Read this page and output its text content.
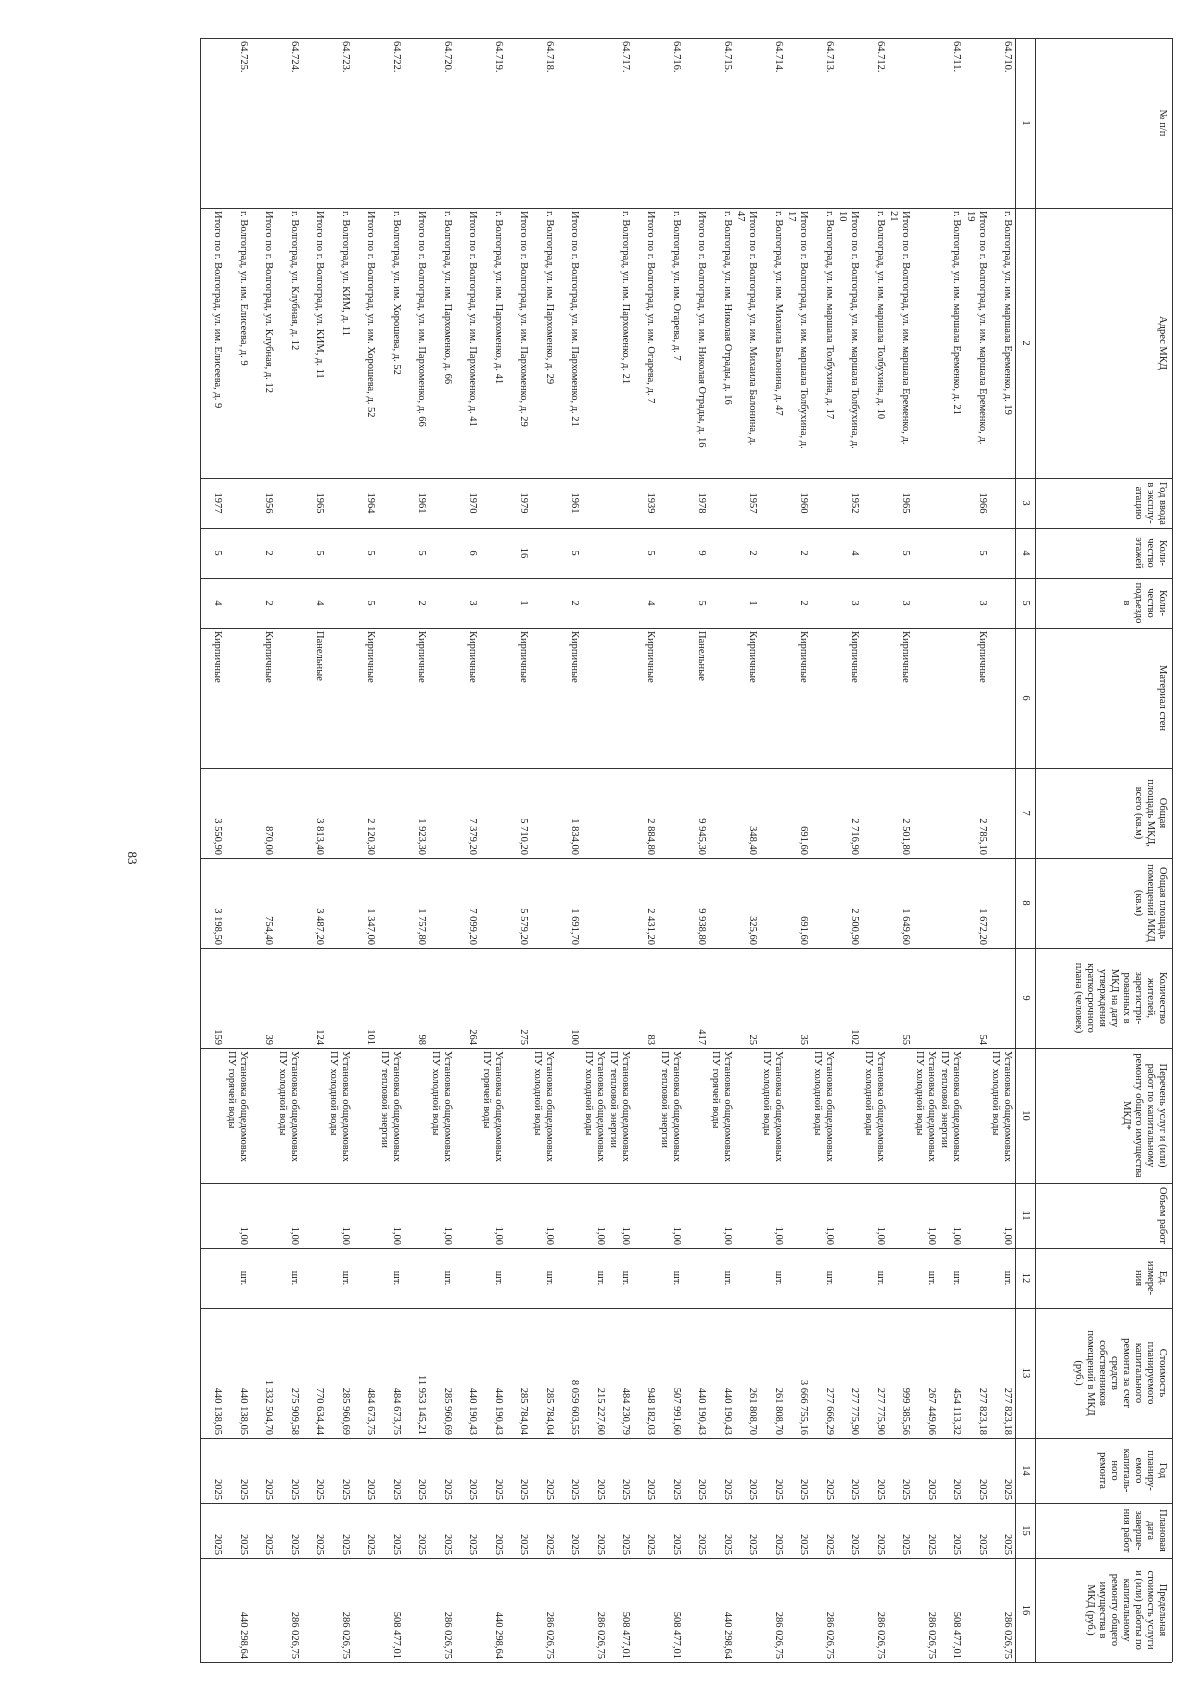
83
№ п/п
Адрес МКД
Год ввода
в эксплу-
атацию
Коли-
чество
этажей
Коли-
чество
подъездо
в
Материал стен
Общая
площадь МКД,
всего (кв.м)
Общая площадь
помещений МКД
(кв.м)
Количество
жителей,
зарегистри-
рованных в
МКД на дату
утверждения
краткосрочного
плана (человек)
Перечень услуг и (или)
работ по капитальному
ремонту общего имущества
МКД*
Объем работ
Ед.
измере-
ния
Стоимость
планируемого
капитального
ремонта за счет
средств
собственников
помещений в МКД
(руб.)
Год
планиру-
емого
капиталь-
ного
ремонта
Плановая
дата
заверше-
ния работ
Предельная
стоимость услуги
и (или) работы по
капитальному
ремонту общего
имущества в
МКД (руб.)
1
2
3
4
5
6
7
8
9
10
11
12
13
14
15
16
64.710.
г. Волгоград, ул. им. маршала Еременко, д. 19
Установка общедомовых
ПУ холодной воды
1,00
шт.
277 823,18
2025
2025
286 026,75
Итого по г. Волгоград, ул. им. маршала Еременко, д.
19
1966
5
3
Кирпичные
2 785,10
1 672,20
54
277 823,18
2025
2025
64.711.
г. Волгоград, ул. им. маршала Еременко, д. 21
Установка общедомовых
ПУ тепловой энергии
1,00
шт.
454 113,32
2025
2025
508 477,01
Установка общедомовых
ПУ холодной воды
1,00
шт.
267 449,06
2025
2025
286 026,75
Итого по г. Волгоград, ул. им. маршала Еременко, д.
21
1965
5
3
Кирпичные
2 501,80
1 649,60
55
999 385,56
2025
2025
64.712.
г. Волгоград, ул. им. маршала Толбухина, д. 10
Установка общедомовых
ПУ холодной воды
1,00
шт.
277 775,90
2025
2025
286 026,75
Итого по г. Волгоград, ул. им. маршала Толбухина, д.
10
1952
4
3
Кирпичные
2 716,90
2 500,90
102
277 775,90
2025
2025
64.713.
г. Волгоград, ул. им. маршала Толбухина, д. 17
Установка общедомовых
ПУ холодной воды
1,00
шт.
277 666,29
2025
2025
286 026,75
Итого по г. Волгоград, ул. им. маршала Толбухина, д.
17
1960
2
2
Кирпичные
691,60
691,60
35
3 666 755,16
2025
2025
64.714.
г. Волгоград, ул. им. Михаила Балонина, д. 47
Установка общедомовых
ПУ холодной воды
1,00
шт.
261 808,70
2025
2025
286 026,75
Итого по г. Волгоград, ул. им. Михаила Балонина, д.
47
1957
2
1
Кирпичные
348,40
325,60
25
261 808,70
2025
2025
64.715.
г. Волгоград, ул. им. Николая Отрады, д. 16
Установка общедомовых
ПУ горячей воды
1,00
шт.
440 190,43
2025
2025
440 298,64
Итого по г. Волгоград, ул. им. Николая Отрады, д. 16
1978
9
5
Панельные
9 945,30
9 938,80
417
440 190,43
2025
2025
64.716.
г. Волгоград, ул. им. Огарева, д. 7
Установка общедомовых
ПУ тепловой энергии
1,00
шт.
507 991,60
2025
2025
508 477,01
Итого по г. Волгоград, ул. им. Огарева, д. 7
1939
5
4
Кирпичные
2 884,80
2 431,20
83
948 182,03
2025
2025
64.717.
г. Волгоград, ул. им. Пархоменко, д. 21
Установка общедомовых
ПУ тепловой энергии
1,00
шт.
484 230,79
2025
2025
508 477,01
Установка общедомовых
ПУ холодной воды
1,00
шт.
215 227,60
2025
2025
286 026,75
Итого по г. Волгоград, ул. им. Пархоменко, д. 21
1961
5
2
Кирпичные
1 834,00
1 691,70
100
8 059 603,55
2025
2025
64.718.
г. Волгоград, ул. им. Пархоменко, д. 29
Установка общедомовых
ПУ холодной воды
1,00
шт.
285 784,04
2025
2025
286 026,75
Итого по г. Волгоград, ул. им. Пархоменко, д. 29
1979
16
1
Кирпичные
5 710,20
5 579,20
275
285 784,04
2025
2025
64.719.
г. Волгоград, ул. им. Пархоменко, д. 41
Установка общедомовых
ПУ горячей воды
1,00
шт.
440 190,43
2025
2025
440 298,64
Итого по г. Волгоград, ул. им. Пархоменко, д. 41
1970
6
3
Кирпичные
7 379,20
7 099,20
264
440 190,43
2025
2025
64.720.
г. Волгоград, ул. им. Пархоменко, д. 66
Установка общедомовых
ПУ холодной воды
1,00
шт.
285 960,69
2025
2025
286 026,75
Итого по г. Волгоград, ул. им. Пархоменко, д. 66
1961
5
2
Кирпичные
1 923,30
1 757,80
98
11 953 145,21
2025
2025
64.722.
г. Волгоград, ул. им. Хорошева, д. 52
Установка общедомовых
ПУ тепловой энергии
1,00
шт.
484 673,75
2025
2025
508 477,01
Итого по г. Волгоград, ул. им. Хорошева, д. 52
1964
5
5
Кирпичные
2 120,30
1 347,00
101
484 673,75
2025
2025
64.723.
г. Волгоград, ул. КИМ, д. 11
Установка общедомовых
ПУ холодной воды
1,00
шт.
285 960,69
2025
2025
286 026,75
Итого по г. Волгоград, ул. КИМ, д. 11
1965
5
4
Панельные
3 813,40
3 487,20
124
770 634,44
2025
2025
64.724.
г. Волгоград, ул. Клубная, д. 12
Установка общедомовых
ПУ холодной воды
1,00
шт.
275 909,58
2025
2025
286 026,75
Итого по г. Волгоград, ул. Клубная, д. 12
1956
2
2
Кирпичные
870,00
754,40
39
1 332 504,70
2025
2025
64.725.
г. Волгоград, ул. им. Елисеева, д. 9
Установка общедомовых
ПУ горячей воды
1,00
шт.
440 138,05
2025
2025
440 298,64
Итого по г. Волгоград, ул. им. Елисеева, д. 9
1977
5
4
Кирпичные
3 550,90
3 198,50
159
440 138,05
2025
2025
